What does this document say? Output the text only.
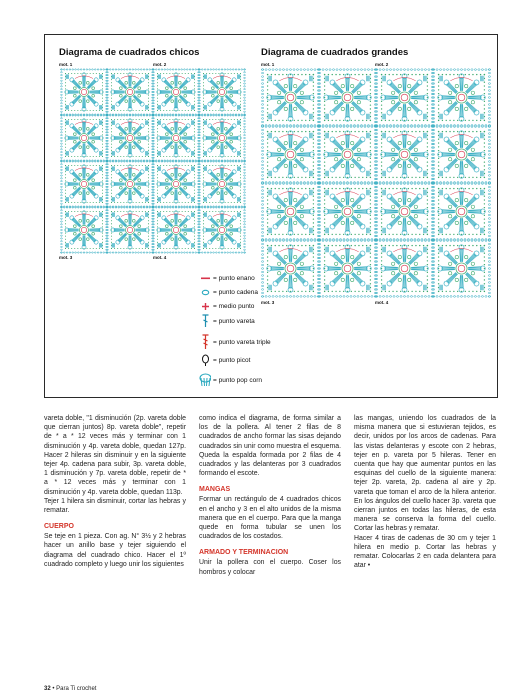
Diagrama de cuadrados chicos	Diagrama de cuadrados grandes
mot. 1	mot. 2
mot. 3	mot. 4
mot. 1	mot. 2
mot. 3	mot. 4
= punto enano
= punto cadena
= medio punto
= punto vareta
= punto vareta triple
= punto picot
= punto pop corn

vareta doble, "1 disminución (2p. vareta doble que cierran juntos) 8p. vareta doble", repetir de * a * 12 veces más y terminar con 1 disminución y 4p. vareta doble, quedan 127p. Hacer 2 hileras sin disminuir y en la siguiente tejer 4p. cadena para subir, 3p. vareta doble, 1 disminución y 7p. vareta doble, repetir de * a * 12 veces más y terminar con 1 disminución y 4p. vareta doble, quedan 113p.

Tejer 1 hilera sin disminuir, cortar las hebras y rematar.

CUERPO

Se teje en 1 pieza. Con ag. N° 3½ y 2 hebras hacer un anillo base y tejer siguiendo el diagrama del cuadrado chico. Hacer el 1º cuadrado completo y luego unir los siguientes

como indica el diagrama, de forma similar a los de la pollera. Al tener 2 filas de 8 cuadrados de ancho formar las sisas dejando cuadrados sin unir como muestra el esquema. Queda la espalda formada por 2 filas de 4 cuadrados y las delanteras por 3 cuadrados formando el escote.

MANGAS

Formar un rectángulo de 4 cuadrados chicos en el ancho y 3 en el alto unidos de la misma manera que en el cuerpo. Para que la manga quede en forma tubular se unen los cuadrados de los costados.

ARMADO Y TERMINACION

Unir la pollera con el cuerpo. Coser los hombros y colocar

las mangas, uniendo los cuadrados de la misma manera que si estuvieran tejidos, es decir, unidos por los arcos de cadenas. Para las vistas delanteras y escote con 2 hebras, tejer en p. vareta por 5 hileras. Tener en cuenta que hay que aumentar puntos en las esquinas del cuello de la siguiente manera: tejer 2p. vareta, 2p. cadena al aire y 2p. vareta que toman el arco de la hilera anterior. En los ángulos del cuello hacer 3p. vareta que cierran juntos en todas las hileras, de esta manera se conserva la forma del cuello. Cortar las hebras y rematar.

Hacer 4 tiras de cadenas de 30 cm y tejer 1 hilera en medio p. Cortar las hebras y rematar. Colocarlas 2 en cada delantera para atar •

32 • Para Ti crochet
